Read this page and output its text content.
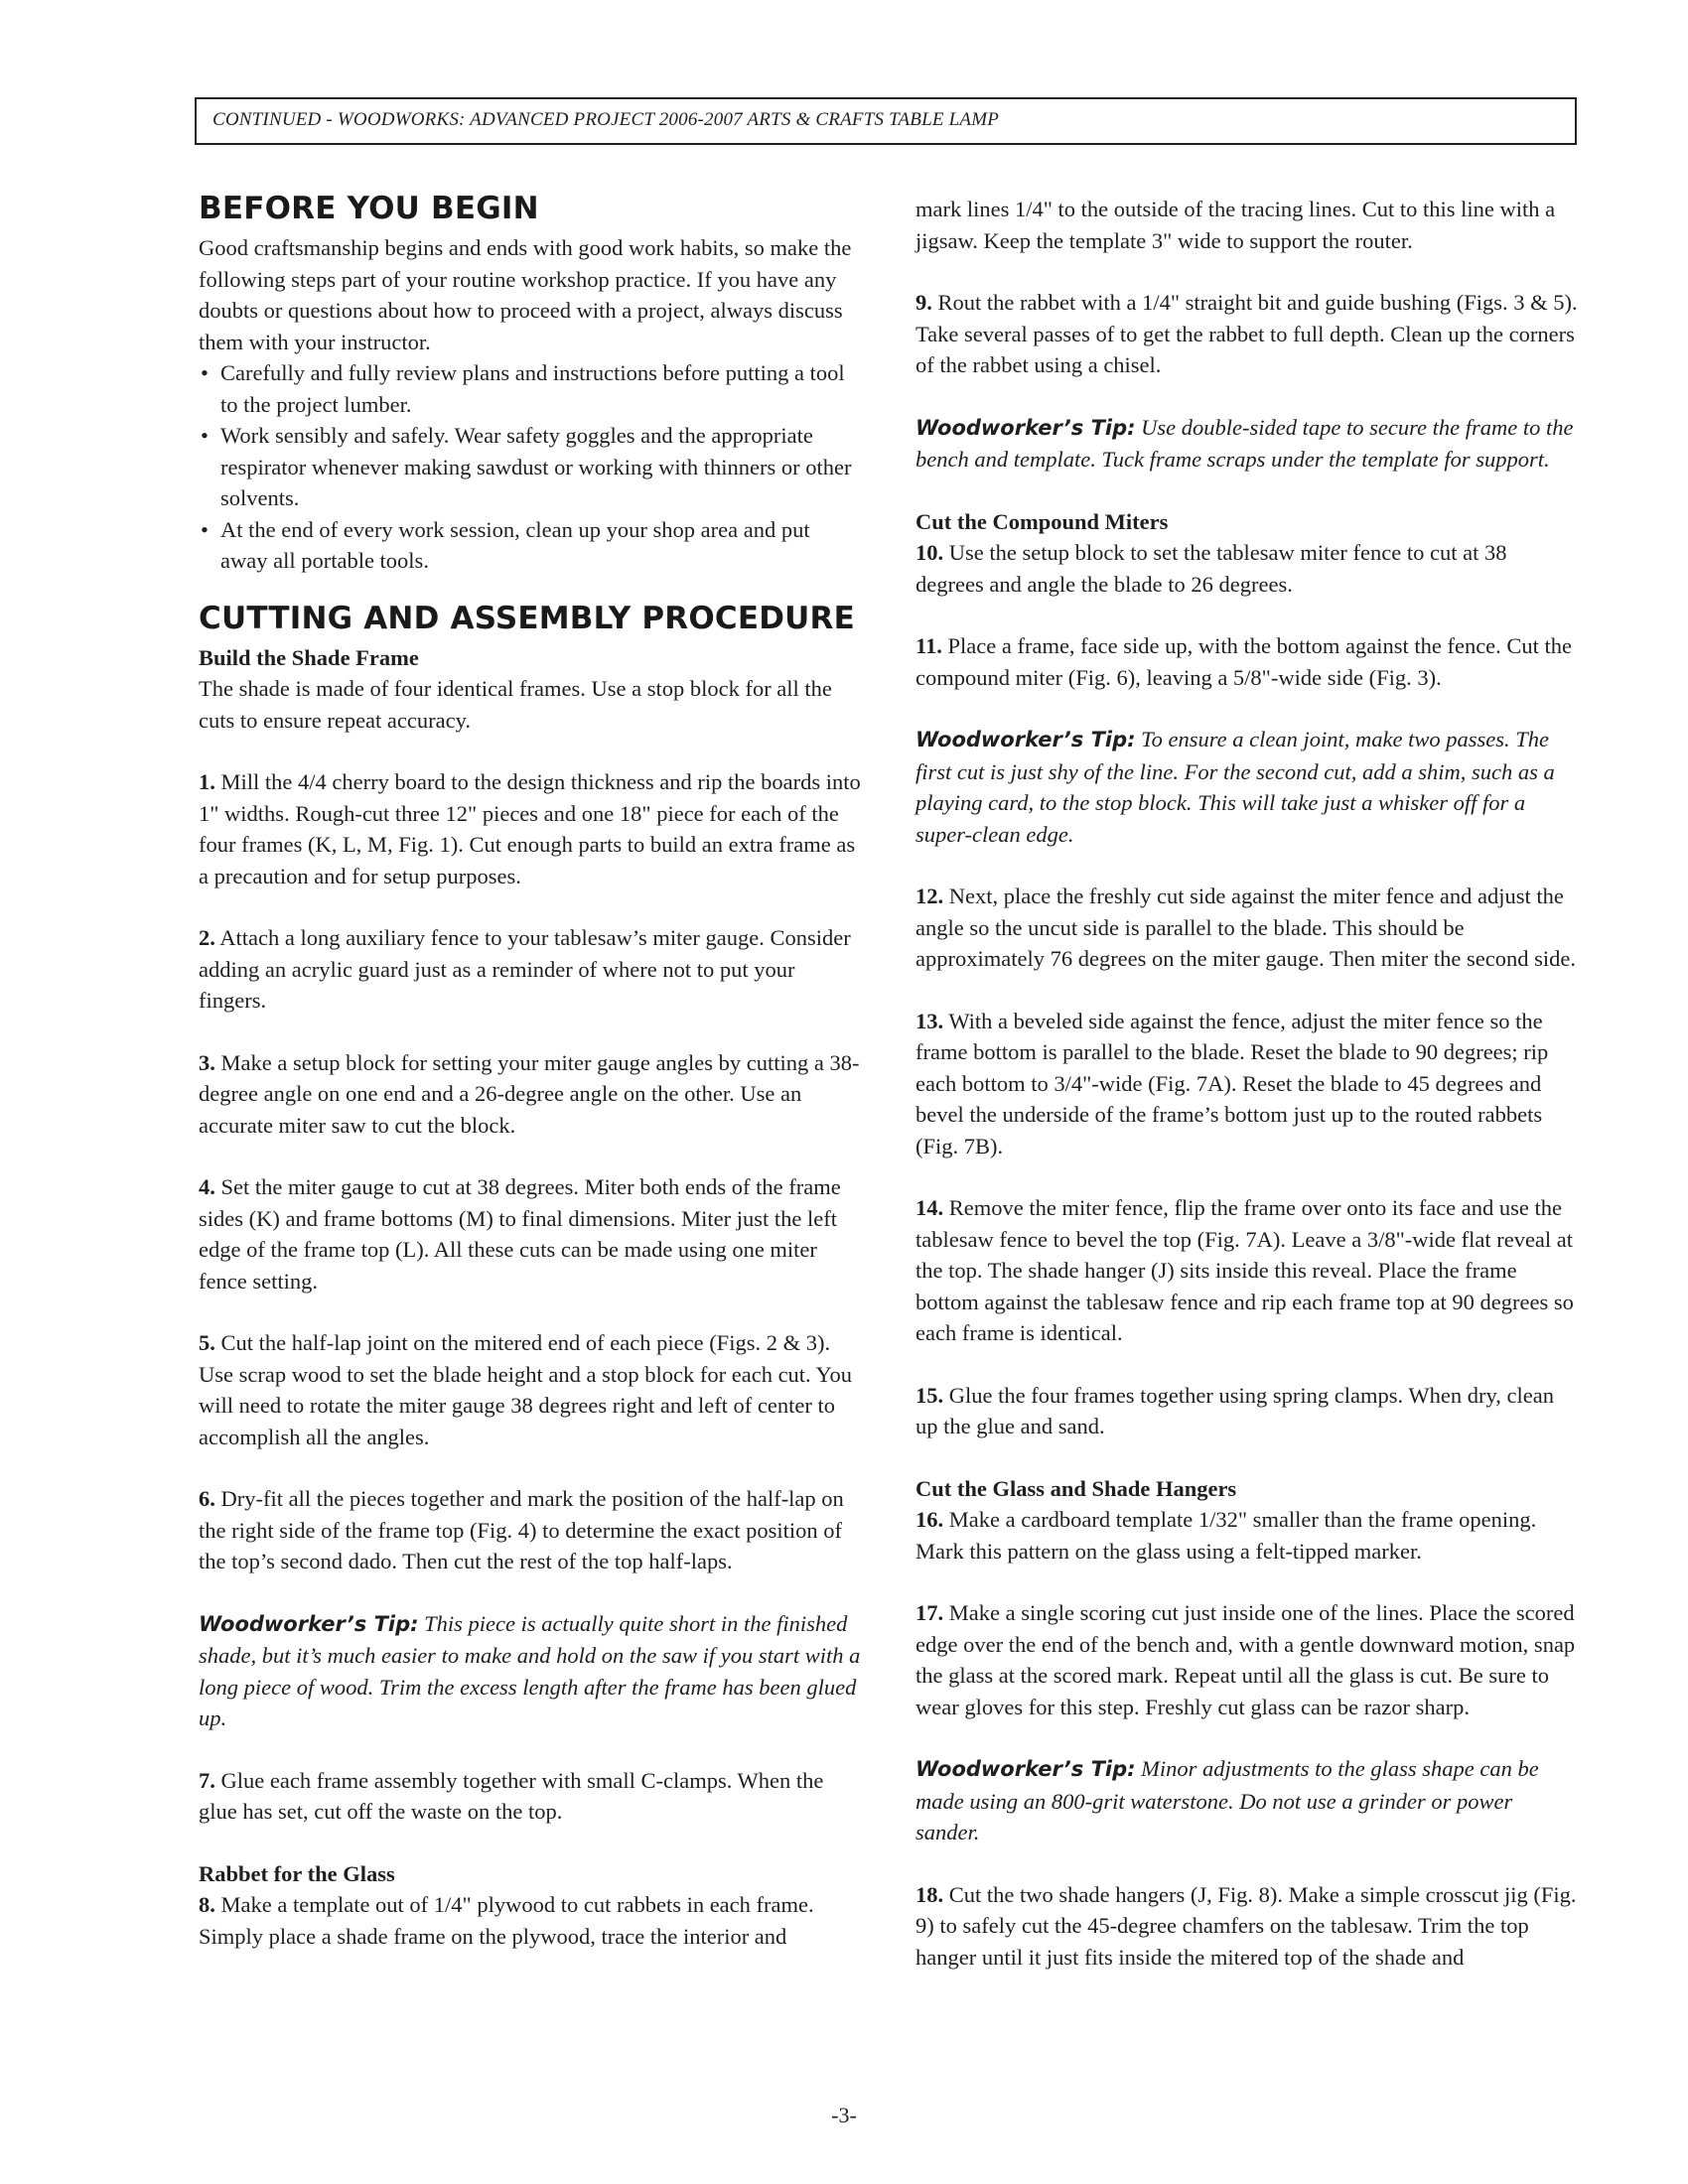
CONTINUED - WOODWORKS: ADVANCED PROJECT 2006-2007 ARTS & CRAFTS TABLE LAMP
BEFORE YOU BEGIN

Good craftsmanship begins and ends with good work habits, so make the following steps part of your routine workshop practice. If you have any doubts or questions about how to proceed with a project, always discuss them with your instructor.

• Carefully and fully review plans and instructions before putting a tool to the project lumber.
• Work sensibly and safely. Wear safety goggles and the appropriate respirator whenever making sawdust or working with thinners or other solvents.
• At the end of every work session, clean up your shop area and put away all portable tools.
CUTTING AND ASSEMBLY PROCEDURE

Build the Shade Frame

The shade is made of four identical frames. Use a stop block for all the cuts to ensure repeat accuracy.

1. Mill the 4/4 cherry board to the design thickness and rip the boards into 1" widths. Rough-cut three 12" pieces and one 18" piece for each of the four frames (K, L, M, Fig. 1). Cut enough parts to build an extra frame as a precaution and for setup purposes.

2. Attach a long auxiliary fence to your tablesaw’s miter gauge. Consider adding an acrylic guard just as a reminder of where not to put your fingers.

3. Make a setup block for setting your miter gauge angles by cutting a 38-degree angle on one end and a 26-degree angle on the other. Use an accurate miter saw to cut the block.

4. Set the miter gauge to cut at 38 degrees. Miter both ends of the frame sides (K) and frame bottoms (M) to final dimensions. Miter just the left edge of the frame top (L). All these cuts can be made using one miter fence setting.

5. Cut the half-lap joint on the mitered end of each piece (Figs. 2 & 3). Use scrap wood to set the blade height and a stop block for each cut. You will need to rotate the miter gauge 38 degrees right and left of center to accomplish all the angles.

6. Dry-fit all the pieces together and mark the position of the half-lap on the right side of the frame top (Fig. 4) to determine the exact position of the top’s second dado. Then cut the rest of the top half-laps.

Woodworker’s Tip: This piece is actually quite short in the finished shade, but it’s much easier to make and hold on the saw if you start with a long piece of wood. Trim the excess length after the frame has been glued up.

7. Glue each frame assembly together with small C-clamps. When the glue has set, cut off the waste on the top.

Rabbet for the Glass

8. Make a template out of 1/4" plywood to cut rabbets in each frame. Simply place a shade frame on the plywood, trace the interior and

mark lines 1/4" to the outside of the tracing lines. Cut to this line with a jigsaw. Keep the template 3" wide to support the router.

9. Rout the rabbet with a 1/4" straight bit and guide bushing (Figs. 3 & 5). Take several passes of to get the rabbet to full depth. Clean up the corners of the rabbet using a chisel.

Woodworker’s Tip: Use double-sided tape to secure the frame to the bench and template. Tuck frame scraps under the template for support.

Cut the Compound Miters

10. Use the setup block to set the tablesaw miter fence to cut at 38 degrees and angle the blade to 26 degrees.

11. Place a frame, face side up, with the bottom against the fence. Cut the compound miter (Fig. 6), leaving a 5/8"-wide side (Fig. 3).

Woodworker’s Tip: To ensure a clean joint, make two passes. The first cut is just shy of the line. For the second cut, add a shim, such as a playing card, to the stop block. This will take just a whisker off for a super-clean edge.

12. Next, place the freshly cut side against the miter fence and adjust the angle so the uncut side is parallel to the blade. This should be approximately 76 degrees on the miter gauge. Then miter the second side.

13. With a beveled side against the fence, adjust the miter fence so the frame bottom is parallel to the blade. Reset the blade to 90 degrees; rip each bottom to 3/4"-wide (Fig. 7A). Reset the blade to 45 degrees and bevel the underside of the frame’s bottom just up to the routed rabbets (Fig. 7B).

14. Remove the miter fence, flip the frame over onto its face and use the tablesaw fence to bevel the top (Fig. 7A). Leave a 3/8"-wide flat reveal at the top. The shade hanger (J) sits inside this reveal. Place the frame bottom against the tablesaw fence and rip each frame top at 90 degrees so each frame is identical.

15. Glue the four frames together using spring clamps. When dry, clean up the glue and sand.

Cut the Glass and Shade Hangers

16. Make a cardboard template 1/32" smaller than the frame opening. Mark this pattern on the glass using a felt-tipped marker.

17. Make a single scoring cut just inside one of the lines. Place the scored edge over the end of the bench and, with a gentle downward motion, snap the glass at the scored mark. Repeat until all the glass is cut. Be sure to wear gloves for this step. Freshly cut glass can be razor sharp.

Woodworker’s Tip: Minor adjustments to the glass shape can be made using an 800-grit waterstone. Do not use a grinder or power sander.

18. Cut the two shade hangers (J, Fig. 8). Make a simple crosscut jig (Fig. 9) to safely cut the 45-degree chamfers on the tablesaw. Trim the top hanger until it just fits inside the mitered top of the shade and

-3-
